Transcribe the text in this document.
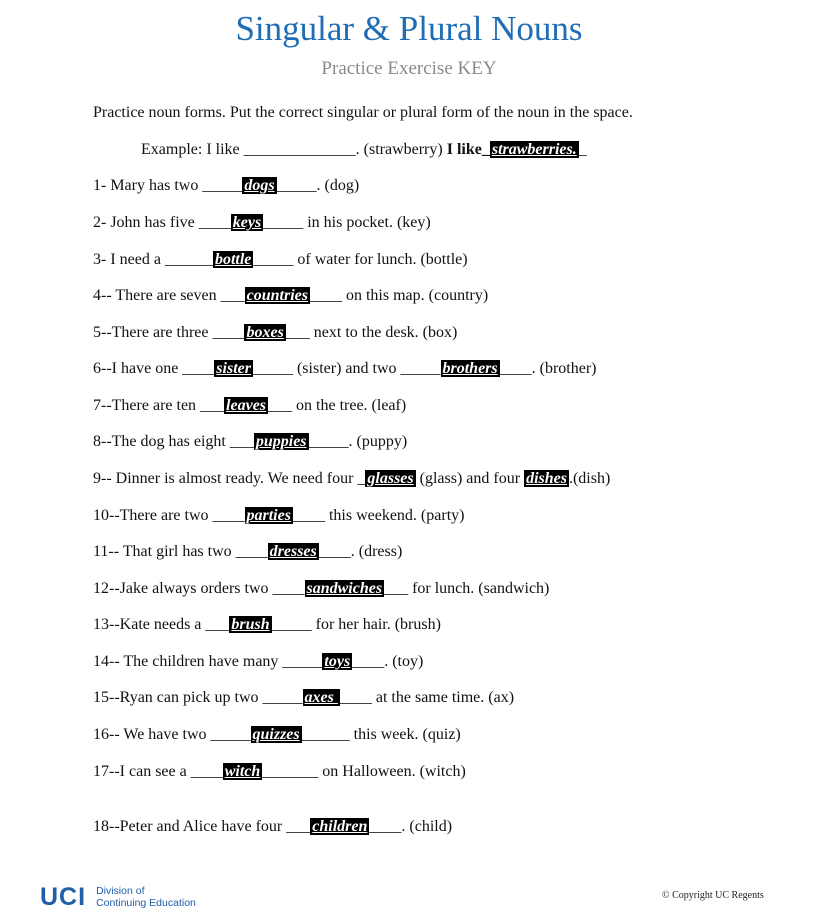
Singular & Plural Nouns
Practice Exercise KEY
Practice noun forms. Put the correct singular or plural form of the noun in the space.
Example: I like ______________. (strawberry) I like_ strawberries. _
1- Mary has two _____ dogs _____. (dog)
2- John has five ____ keys _____ in his pocket. (key)
3- I need a ______ bottle _____ of water for lunch. (bottle)
4-- There are seven ___ countries ____ on this map. (country)
5--There are three ____ boxes ___ next to the desk. (box)
6--I have one ____ sister _____ (sister) and two _____ brothers ____. (brother)
7--There are ten ___ leaves ___ on the tree. (leaf)
8--The dog has eight ___ puppies _____. (puppy)
9-- Dinner is almost ready. We need four _ glasses (glass) and four dishes .(dish)
10--There are two ____ parties ____ this weekend. (party)
11-- That girl has two ____ dresses ____. (dress)
12--Jake always orders two ____ sandwiches ___ for lunch. (sandwich)
13--Kate needs a ___ brush _____ for her hair. (brush)
14-- The children have many _____ toys ____. (toy)
15--Ryan can pick up two _____ axes ____ at the same time. (ax)
16-- We have two _____ quizzes ______ this week. (quiz)
17--I can see a ____ witch _______ on Halloween. (witch)
18--Peter and Alice have four ___ children ____. (child)
UCI Division of
Continuing Education
© Copyright UC Regents
